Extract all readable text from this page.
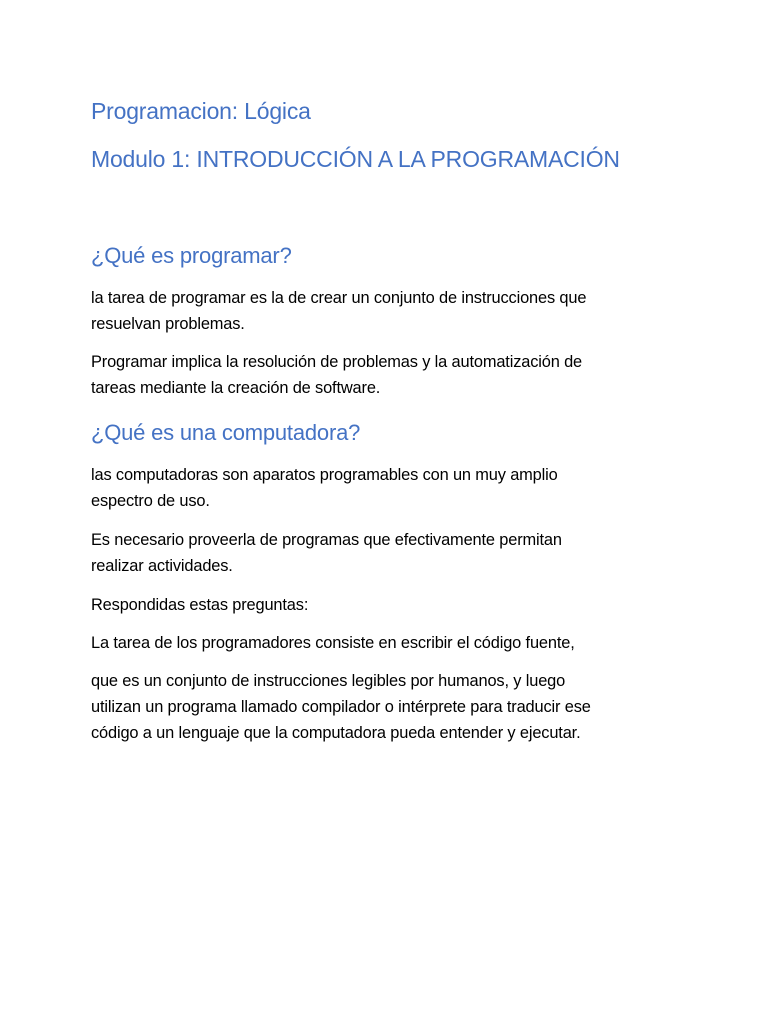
Programacion: Lógica
Modulo 1: INTRODUCCIÓN A LA PROGRAMACIÓN
¿Qué es programar?

la tarea de programar es la de crear un conjunto de instrucciones que
resuelvan problemas.

Programar implica la resolución de problemas y la automatización de
tareas mediante la creación de software.

¿Qué es una computadora?

las computadoras son aparatos programables con un muy amplio
espectro de uso.

Es necesario proveerla de programas que efectivamente permitan
realizar actividades.

Respondidas estas preguntas:

La tarea de los programadores consiste en escribir el código fuente,

que es un conjunto de instrucciones legibles por humanos, y luego
utilizan un programa llamado compilador o intérprete para traducir ese
código a un lenguaje que la computadora pueda entender y ejecutar.
